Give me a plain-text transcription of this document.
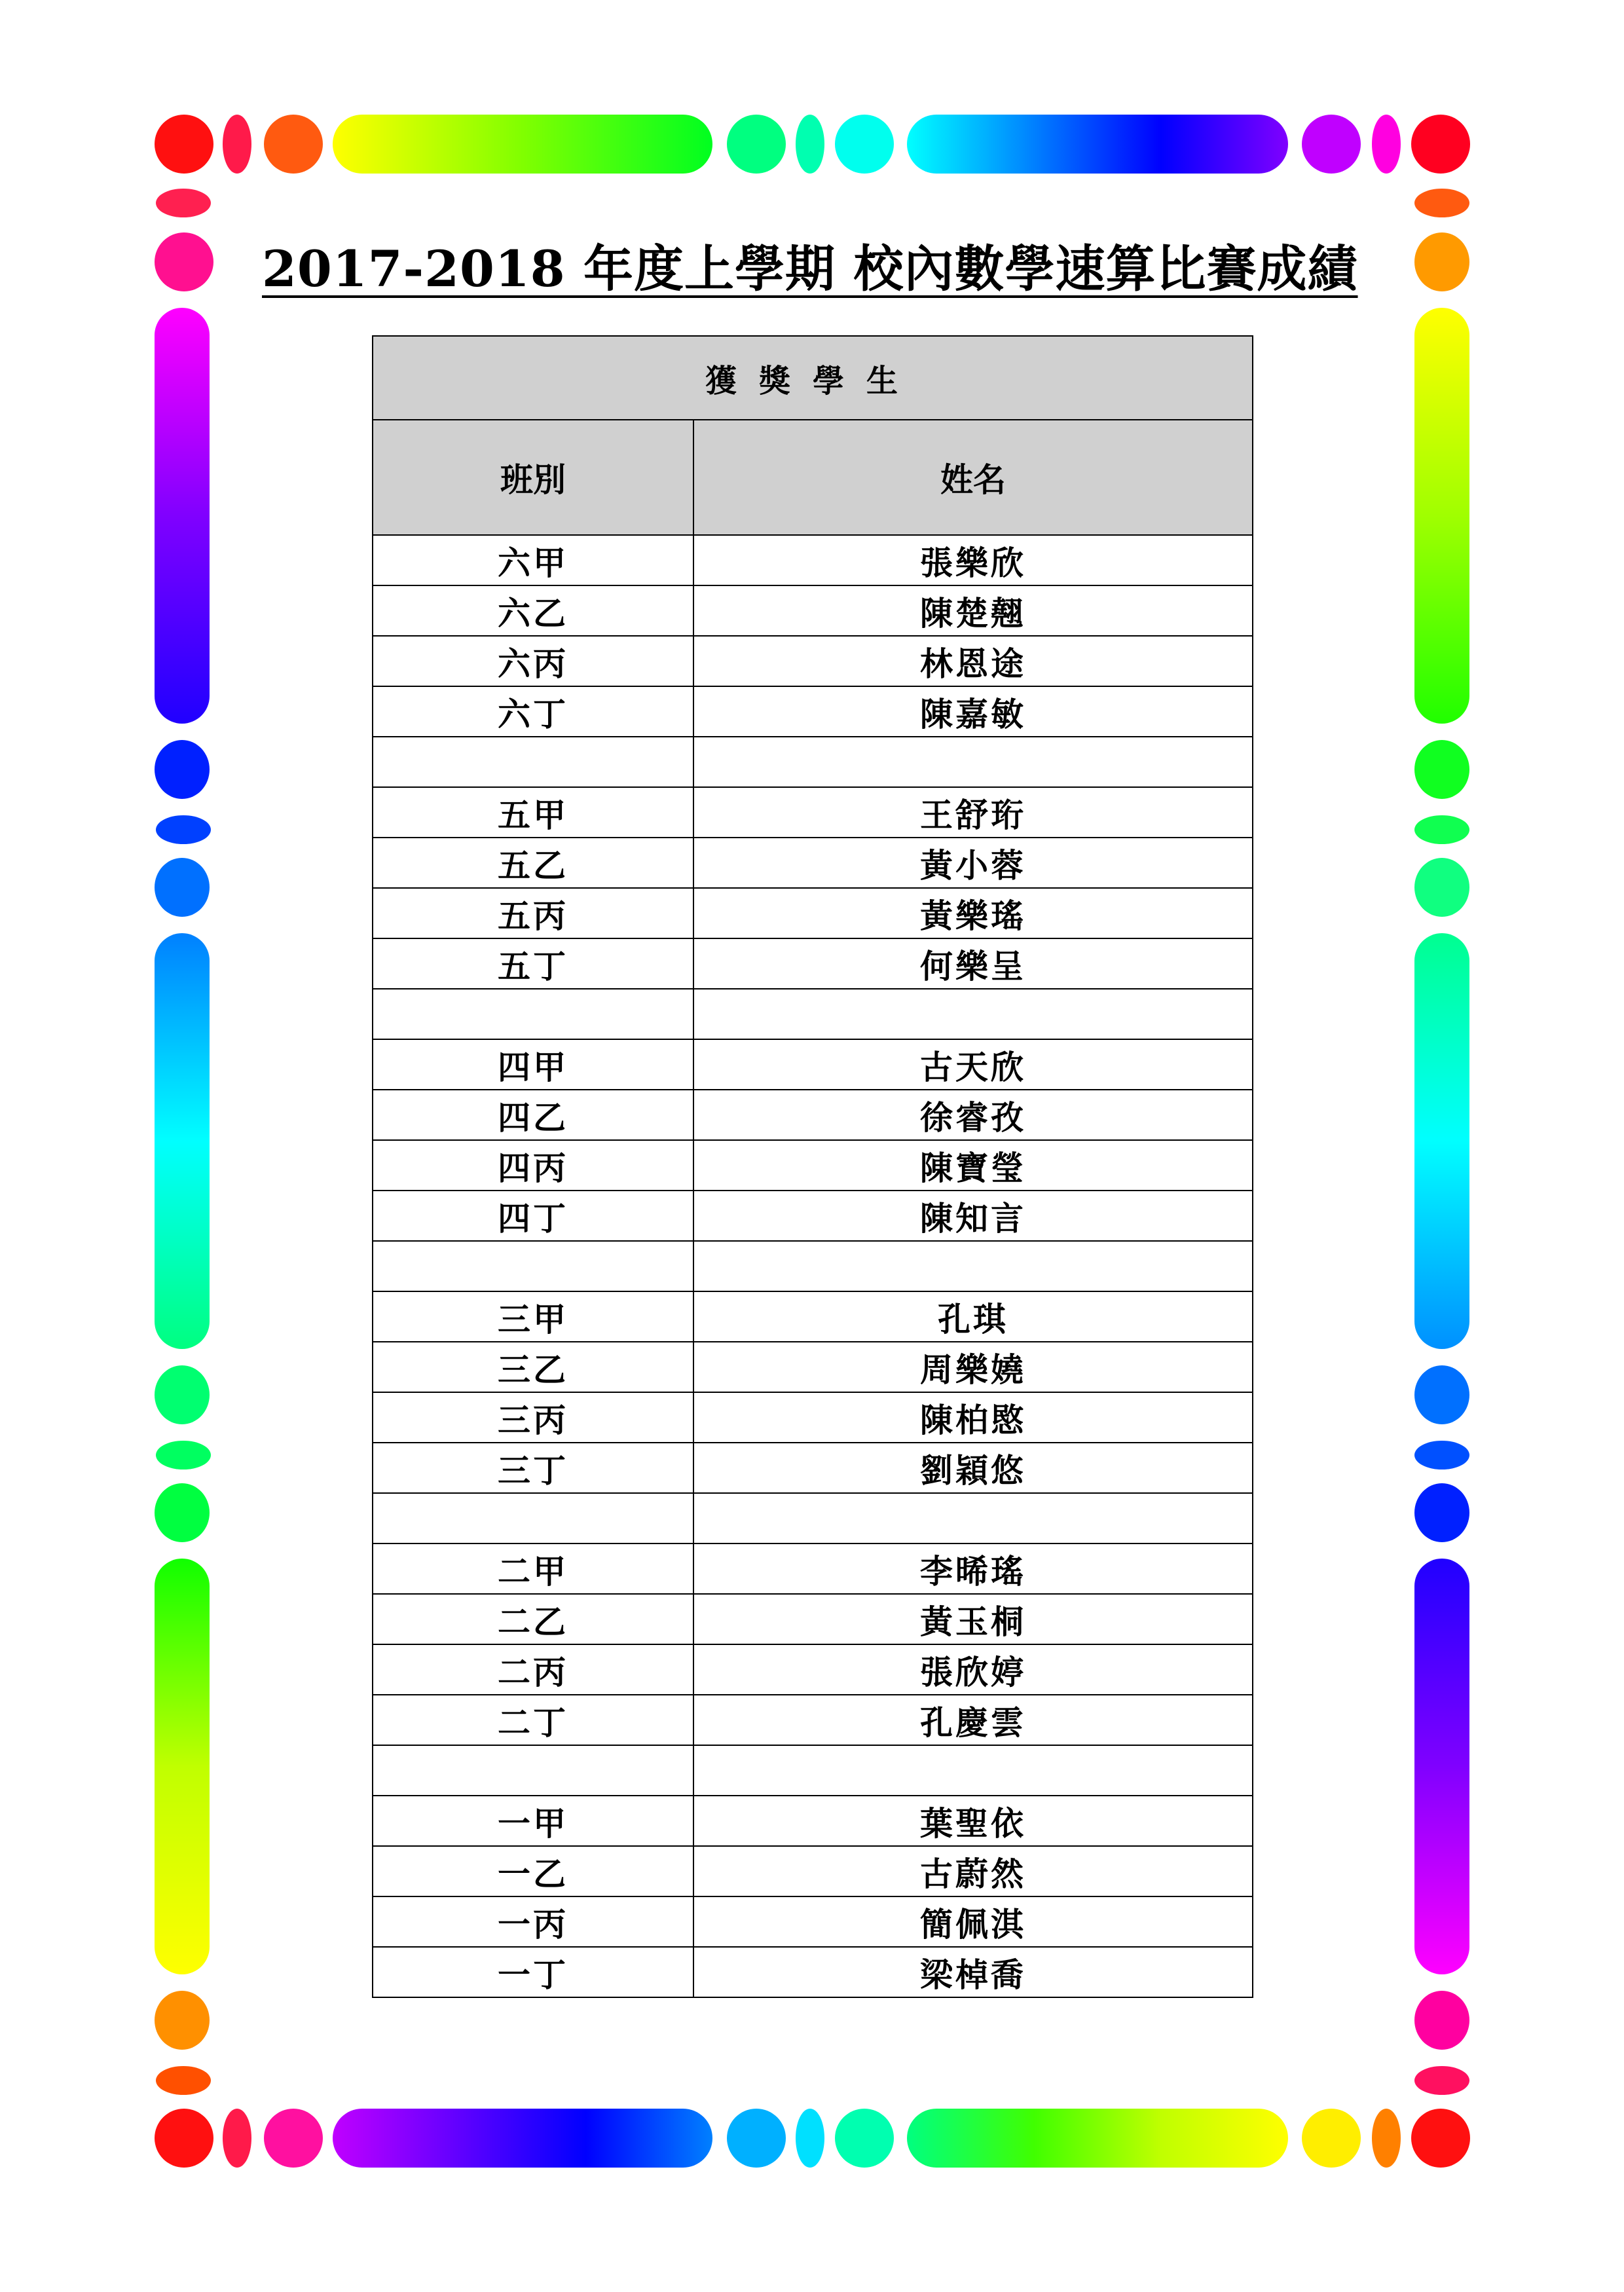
2017-2018 年度上學期 校內數學速算比賽成績
獲獎學生	
班別	姓名
六甲	張樂欣
六乙	陳楚翹
六丙	林恩途
六丁	陳嘉敏

五甲	王舒珩
五乙	黃小蓉
五丙	黃樂瑤
五丁	何樂呈

四甲	古天欣
四乙	徐睿孜
四丙	陳寶瑩
四丁	陳知言

三甲	孔琪
三乙	周樂嬈
三丙	陳柏愍
三丁	劉穎悠

二甲	李晞瑤
二乙	黃玉桐
二丙	張欣婷
二丁	孔慶雲

一甲	葉聖依
一乙	古蔚然
一丙	簡佩淇
一丁	梁棹喬
